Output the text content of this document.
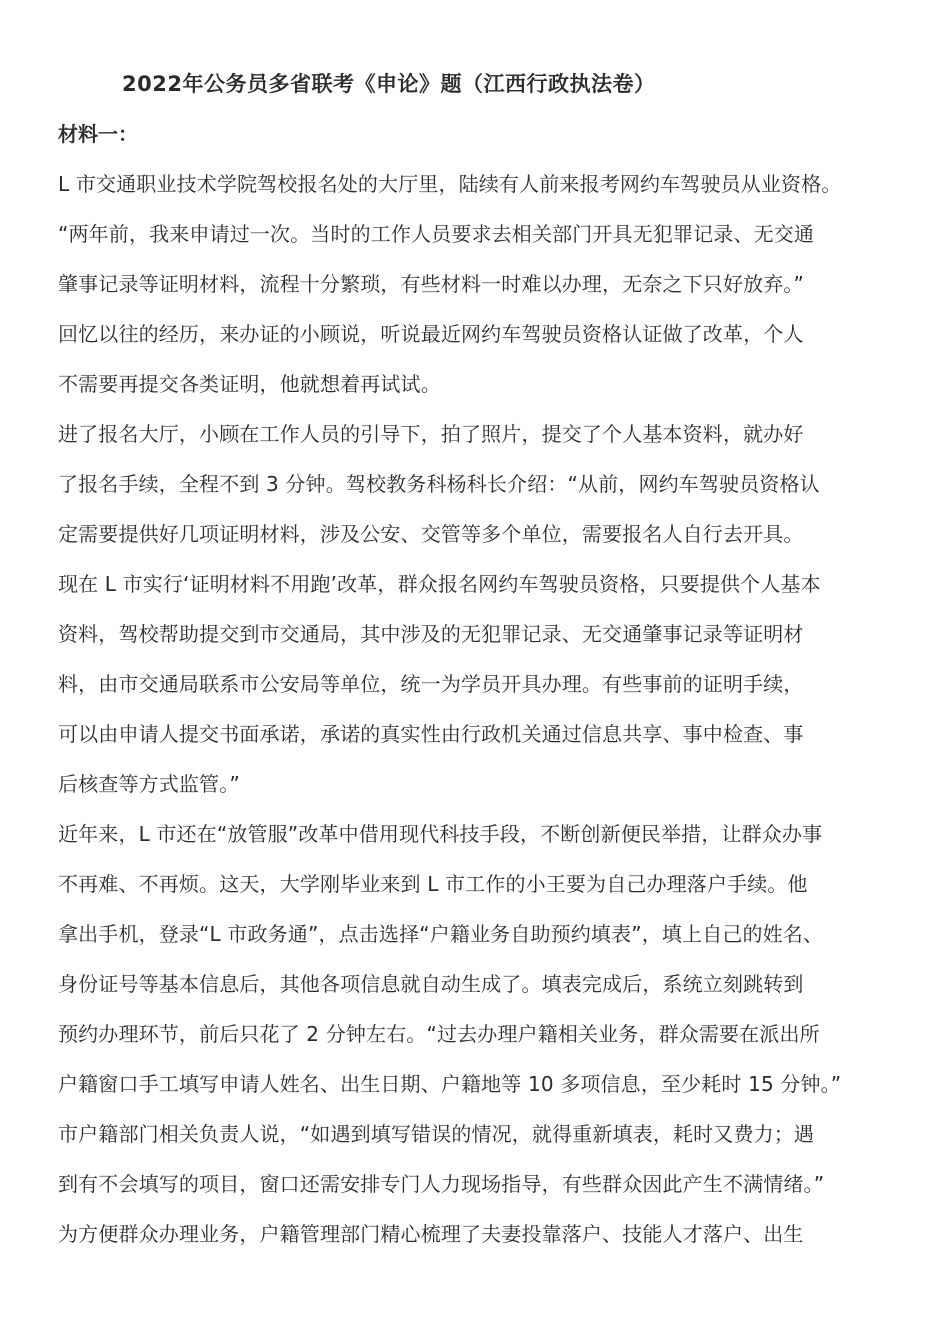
2022年公务员多省联考《申论》题（江西行政执法卷）
材料一：
L 市交通职业技术学院驾校报名处的大厅里，陆续有人前来报考网约车驾驶员从业资格。
“两年前，我来申请过一次。当时的工作人员要求去相关部门开具无犯罪记录、无交通
肇事记录等证明材料，流程十分繁琐，有些材料一时难以办理，无奈之下只好放弃。”
回忆以往的经历，来办证的小顾说，听说最近网约车驾驶员资格认证做了改革，个人
不需要再提交各类证明，他就想着再试试。
进了报名大厅，小顾在工作人员的引导下，拍了照片，提交了个人基本资料，就办好
了报名手续，全程不到 3 分钟。驾校教务科杨科长介绍：“从前，网约车驾驶员资格认
定需要提供好几项证明材料，涉及公安、交管等多个单位，需要报名人自行去开具。
现在 L 市实行‘证明材料不用跑’改革，群众报名网约车驾驶员资格，只要提供个人基本
资料，驾校帮助提交到市交通局，其中涉及的无犯罪记录、无交通肇事记录等证明材
料，由市交通局联系市公安局等单位，统一为学员开具办理。有些事前的证明手续，
可以由申请人提交书面承诺，承诺的真实性由行政机关通过信息共享、事中检查、事
后核查等方式监管。”
近年来，L 市还在“放管服”改革中借用现代科技手段，不断创新便民举措，让群众办事
不再难、不再烦。这天，大学刚毕业来到 L 市工作的小王要为自己办理落户手续。他
拿出手机，登录“L 市政务通”，点击选择“户籍业务自助预约填表”，填上自己的姓名、
身份证号等基本信息后，其他各项信息就自动生成了。填表完成后，系统立刻跳转到
预约办理环节，前后只花了 2 分钟左右。“过去办理户籍相关业务，群众需要在派出所
户籍窗口手工填写申请人姓名、出生日期、户籍地等 10 多项信息，至少耗时 15 分钟。”
市户籍部门相关负责人说，“如遇到填写错误的情况，就得重新填表，耗时又费力；遇
到有不会填写的项目，窗口还需安排专门人力现场指导，有些群众因此产生不满情绪。”
为方便群众办理业务，户籍管理部门精心梳理了夫妻投靠落户、技能人才落户、出生
